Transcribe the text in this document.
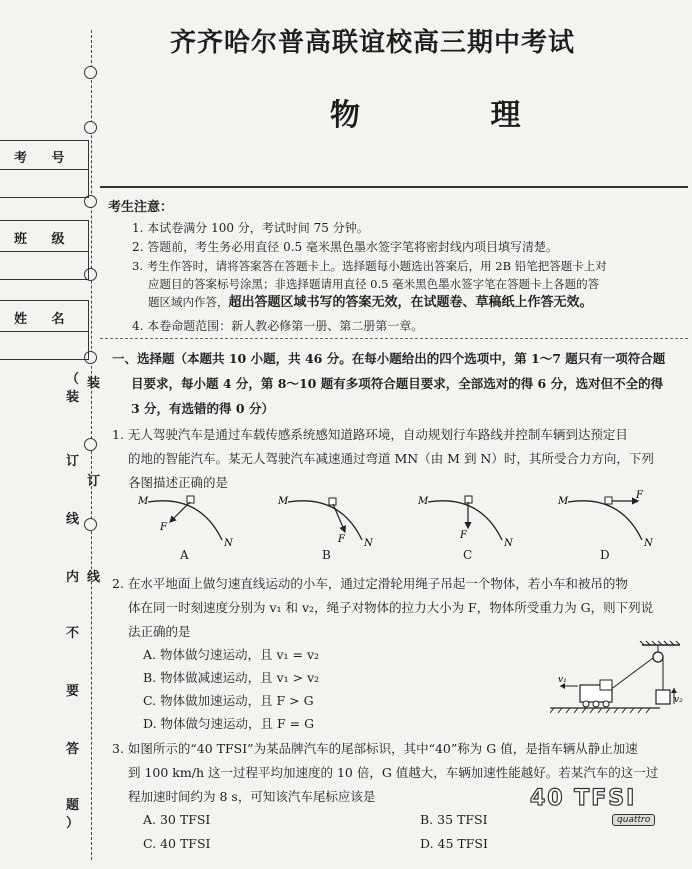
考 号
班 级
姓 名
（
装
订
线
内
不
要
答
题
）
装
订
线
齐齐哈尔普高联谊校高三期中考试
物 理
考生注意：
1. 本试卷满分 100 分，考试时间 75 分钟。
2. 答题前，考生务必用直径 0.5 毫米黑色墨水签字笔将密封线内项目填写清楚。
3. 考生作答时，请将答案答在答题卡上。选择题每小题选出答案后，用 2B 铅笔把答题卡上对
应题目的答案标号涂黑；非选择题请用直径 0.5 毫米黑色墨水签字笔在答题卡上各题的答
题区域内作答，超出答题区域书写的答案无效，在试题卷、草稿纸上作答无效。
4. 本卷命题范围：新人教必修第一册、第二册第一章。
一、选择题（本题共 10 小题，共 46 分。在每小题给出的四个选项中，第 1～7 题只有一项符合题
目要求，每小题 4 分，第 8～10 题有多项符合题目要求，全部选对的得 6 分，选对但不全的得
3 分，有选错的得 0 分）
1. 无人驾驶汽车是通过车载传感系统感知道路环境，自动规划行车路线并控制车辆到达预定目
的地的智能汽车。某无人驾驶汽车减速通过弯道 MN（由 M 到 N）时，其所受合力方向，下列
各图描述正确的是
M
N
F
M
N
F
M
N
F
M
N
F
A	B	C	D
2. 在水平地面上做匀速直线运动的小车，通过定滑轮用绳子吊起一个物体，若小车和被吊的物
体在同一时刻速度分别为 v₁ 和 v₂，绳子对物体的拉力大小为 F，物体所受重力为 G，则下列说
法正确的是
A. 物体做匀速运动，且 v₁ = v₂
B. 物体做减速运动，且 v₁ > v₂
C. 物体做加速运动，且 F > G
D. 物体做匀速运动，且 F = G
v₁
v₂
3. 如图所示的“40 TFSI”为某品牌汽车的尾部标识，其中“40”称为 G 值，是指车辆从静止加速
到 100 km/h 这一过程平均加速度的 10 倍，G 值越大，车辆加速性能越好。若某汽车的这一过
程加速时间约为 8 s，可知该汽车尾标应该是
A. 30 TFSI	B. 35 TFSI
C. 40 TFSI	D. 45 TFSI
40 TFSI
quattro
